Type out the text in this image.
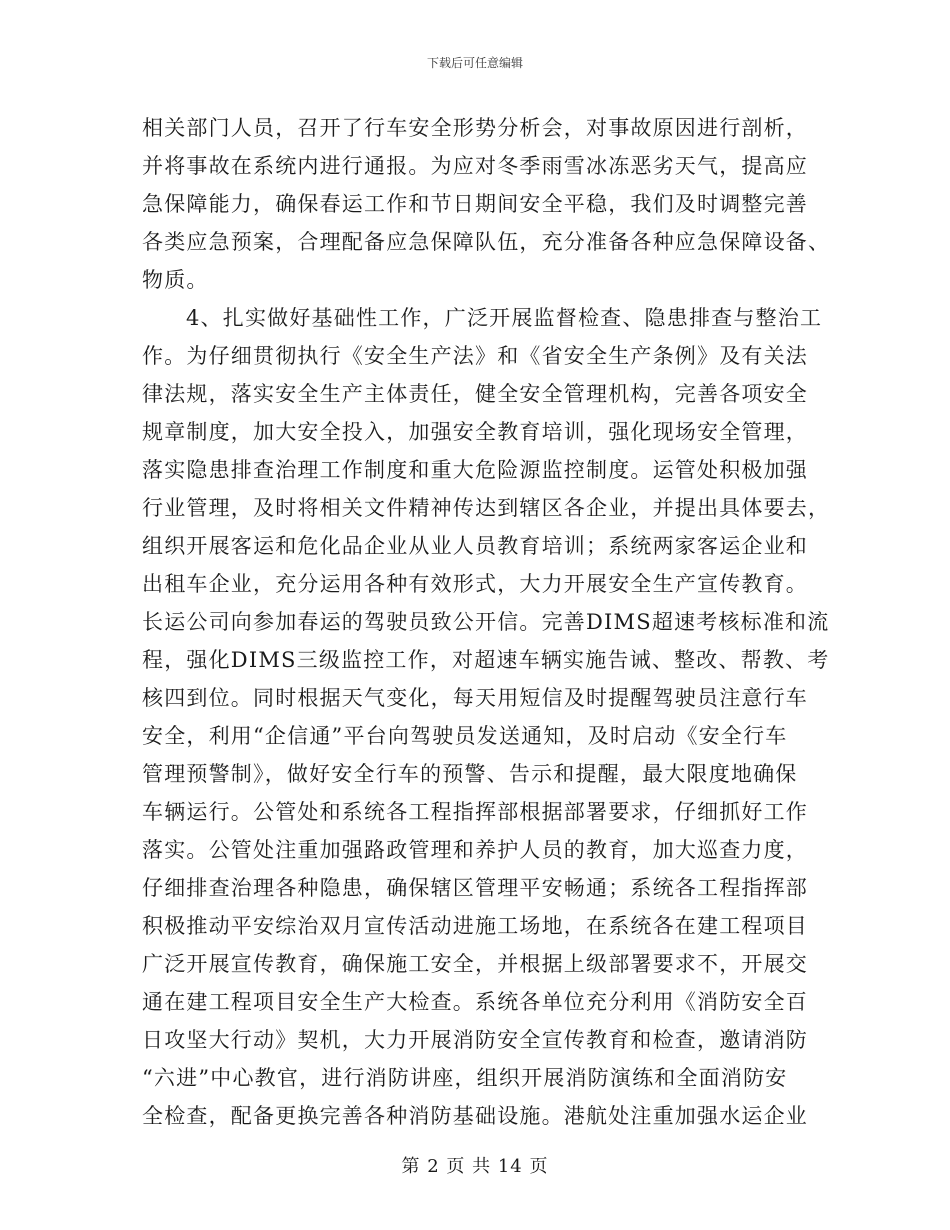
下载后可任意编辑
相关部门人员，召开了行车安全形势分析会，对事故原因进行剖析，
并将事故在系统内进行通报。为应对冬季雨雪冰冻恶劣天气，提高应
急保障能力，确保春运工作和节日期间安全平稳，我们及时调整完善
各类应急预案，合理配备应急保障队伍，充分准备各种应急保障设备、
物质。
4、扎实做好基础性工作，广泛开展监督检查、隐患排查与整治工
作。为仔细贯彻执行《安全生产法》和《省安全生产条例》及有关法
律法规，落实安全生产主体责任，健全安全管理机构，完善各项安全
规章制度，加大安全投入，加强安全教育培训，强化现场安全管理，
落实隐患排查治理工作制度和重大危险源监控制度。运管处积极加强
行业管理，及时将相关文件精神传达到辖区各企业，并提出具体要去，
组织开展客运和危化品企业从业人员教育培训；系统两家客运企业和
出租车企业，充分运用各种有效形式，大力开展安全生产宣传教育。
长运公司向参加春运的驾驶员致公开信。完善DIMS超速考核标准和流
程，强化DIMS三级监控工作，对超速车辆实施告诫、整改、帮教、考
核四到位。同时根据天气变化，每天用短信及时提醒驾驶员注意行车
安全，利用“企信通”平台向驾驶员发送通知，及时启动《安全行车
管理预警制》，做好安全行车的预警、告示和提醒，最大限度地确保
车辆运行。公管处和系统各工程指挥部根据部署要求，仔细抓好工作
落实。公管处注重加强路政管理和养护人员的教育，加大巡查力度，
仔细排查治理各种隐患，确保辖区管理平安畅通；系统各工程指挥部
积极推动平安综治双月宣传活动进施工场地，在系统各在建工程项目
广泛开展宣传教育，确保施工安全，并根据上级部署要求不，开展交
通在建工程项目安全生产大检查。系统各单位充分利用《消防安全百
日攻坚大行动》契机，大力开展消防安全宣传教育和检查，邀请消防
“六进”中心教官，进行消防讲座，组织开展消防演练和全面消防安
全检查，配备更换完善各种消防基础设施。港航处注重加强水运企业
第 2 页 共 14 页
